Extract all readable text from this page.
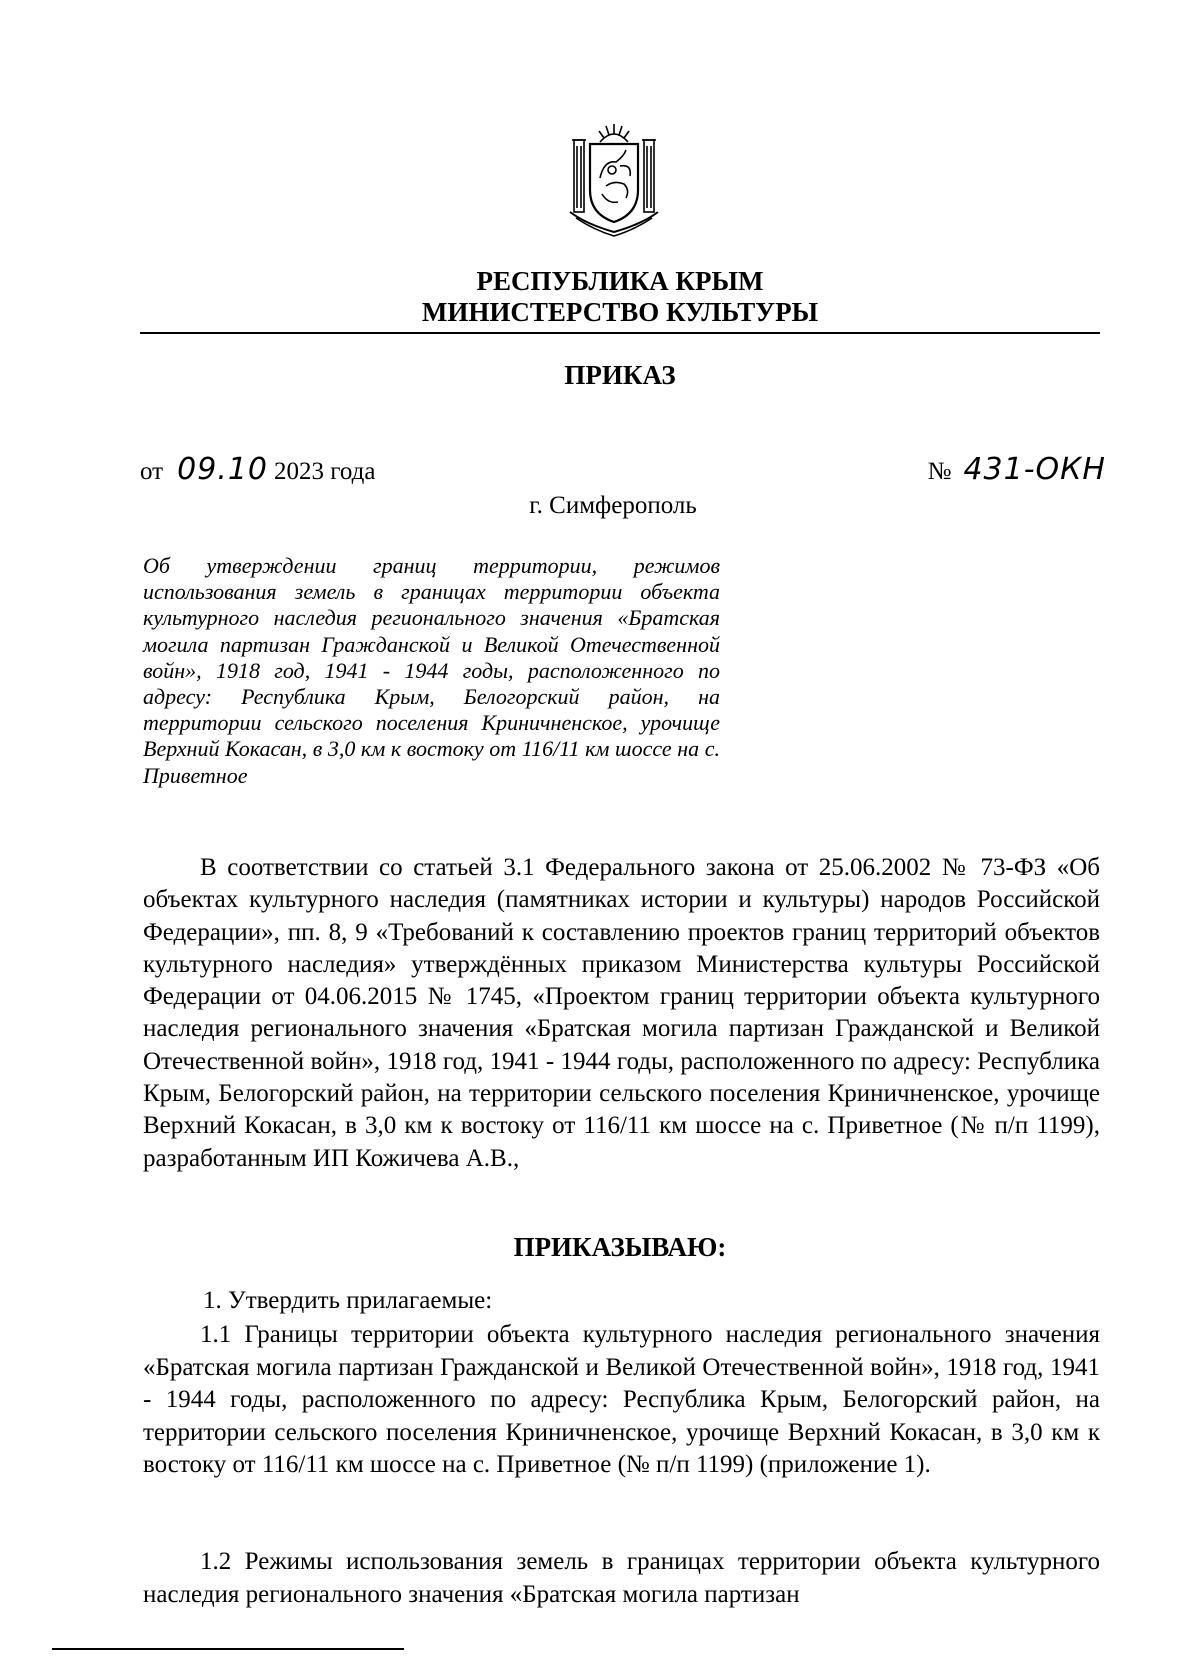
РЕСПУБЛИКА КРЫМ
МИНИСТЕРСТВО КУЛЬТУРЫ
ПРИКАЗ
от 09.10 2023 года	№ 431-ОКН
г. Симферополь
Об утверждении границ территории, режимов использования земель в границах территории объекта культурного наследия регионального значения «Братская могила партизан Гражданской и Великой Отечественной войн», 1918 год, 1941 - 1944 годы, расположенного по адресу: Республика Крым, Белогорский район, на территории сельского поселения Криничненское, урочище Верхний Кокасан, в 3,0 км к востоку от 116/11 км шоссе на с. Приветное
В соответствии со статьей 3.1 Федерального закона от 25.06.2002 № 73-ФЗ «Об объектах культурного наследия (памятниках истории и культуры) народов Российской Федерации», пп. 8, 9 «Требований к составлению проектов границ территорий объектов культурного наследия» утверждённых приказом Министерства культуры Российской Федерации от 04.06.2015 № 1745, «Проектом границ территории объекта культурного наследия регионального значения «Братская могила партизан Гражданской и Великой Отечественной войн», 1918 год, 1941 - 1944 годы, расположенного по адресу: Республика Крым, Белогорский район, на территории сельского поселения Криничненское, урочище Верхний Кокасан, в 3,0 км к востоку от 116/11 км шоссе на с. Приветное (№ п/п 1199), разработанным ИП Кожичева А.В.,
ПРИКАЗЫВАЮ:
1. Утвердить прилагаемые:
1.1 Границы территории объекта культурного наследия регионального значения «Братская могила партизан Гражданской и Великой Отечественной войн», 1918 год, 1941 - 1944 годы, расположенного по адресу: Республика Крым, Белогорский район, на территории сельского поселения Криничненское, урочище Верхний Кокасан, в 3,0 км к востоку от 116/11 км шоссе на с. Приветное (№ п/п 1199) (приложение 1).
1.2 Режимы использования земель в границах территории объекта культурного наследия регионального значения «Братская могила партизан
